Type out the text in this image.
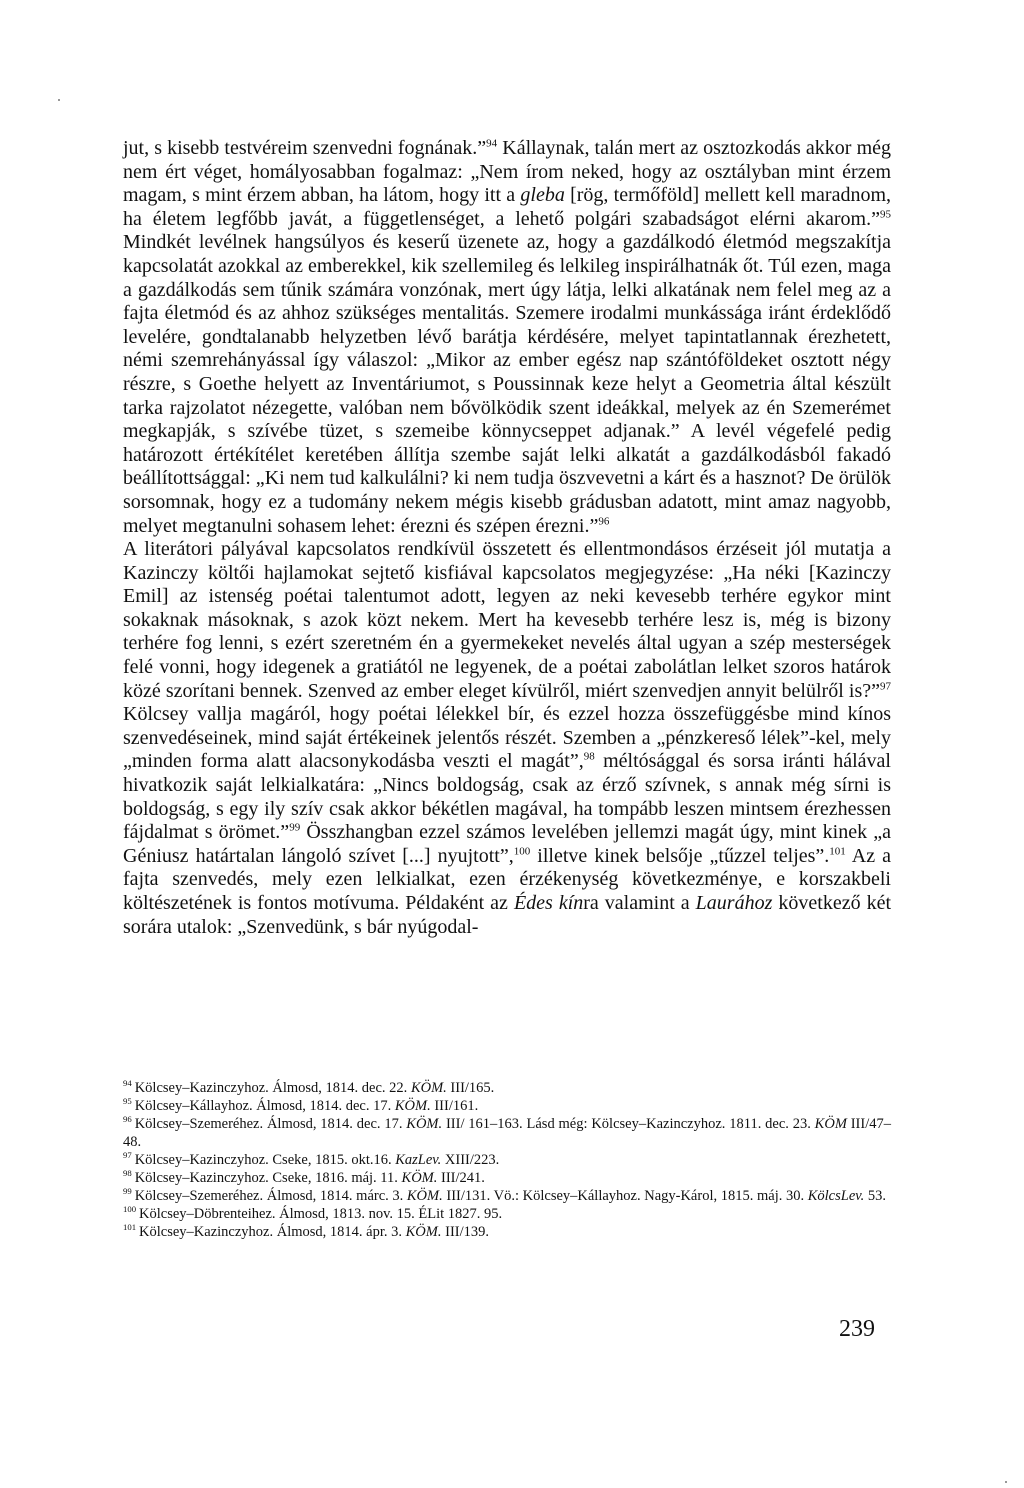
jut, s kisebb testvéreim szenvedni fognának.”$^{94}$ Kállaynak, talán mert az osztozkodás akkor még nem ért véget, homályosabban fogalmaz: „Nem írom neked, hogy az osztályban mint érzem magam, s mint érzem abban, ha látom, hogy itt a gleba [rög, termőföld] mellett kell maradnom, ha életem legfőbb javát, a függetlenséget, a lehető polgári szabadságot elérni akarom.”$^{95}$ Mindkét levélnek hangsúlyos és keserű üzenete az, hogy a gazdálkodó életmód megszakítja kapcsolatát azokkal az emberekkel, kik szellemileg és lelkileg inspirálhatnák őt. Túl ezen, maga a gazdálkodás sem tűnik számára vonzónak, mert úgy látja, lelki alkatának nem felel meg az a fajta életmód és az ahhoz szükséges mentalitás. Szemere irodalmi munkássága iránt érdeklődő levelére, gondtalanabb helyzetben lévő barátja kérdésére, melyet tapintatlannak érezhetett, némi szemrehányással így válaszol: „Mikor az ember egész nap szántóföldeket osztott négy részre, s Goethe helyett az Inventáriumot, s Poussinnak keze helyt a Geometria által készült tarka rajzolatot nézegette, valóban nem bővölködik szent ideákkal, melyek az én Szemerémet megkapják, s szívébe tüzet, s szemeibe könnycseppet adjanak.” A levél végefelé pedig határozott értékítélet keretében állítja szembe saját lelki alkatát a gazdálkodásból fakadó beállítottsággal: „Ki nem tud kalkulálni? ki nem tudja öszvevetni a kárt és a hasznot? De örülök sorsomnak, hogy ez a tudomány nekem mégis kisebb grádusban adatott, mint amaz nagyobb, melyet megtanulni sohasem lehet: érezni és szépen érezni.”$^{96}$

A literátori pályával kapcsolatos rendkívül összetett és ellentmondásos érzéseit jól mutatja a Kazinczy költői hajlamokat sejtető kisfiával kapcsolatos megjegyzése: „Ha néki [Kazinczy Emil] az istenség poétai talentumot adott, legyen az neki kevesebb terhére egykor mint sokaknak másoknak, s azok közt nekem. Mert ha kevesebb terhére lesz is, még is bizony terhére fog lenni, s ezért szeretném én a gyermekeket nevelés által ugyan a szép mesterségek felé vonni, hogy idegenek a gratiától ne legyenek, de a poétai zabolátlan lelket szoros határok közé szorítani bennek. Szenved az ember eleget kívülről, miért szenvedjen annyit belülről is?”$^{97}$ Kölcsey vallja magáról, hogy poétai lélekkel bír, és ezzel hozza összefüggésbe mind kínos szenvedéseinek, mind saját értékeinek jelentős részét. Szemben a „pénzkereső lélek”-kel, mely „minden forma alatt alacsonykodásba veszti el magát”,$^{98}$ méltósággal és sorsa iránti hálával hivatkozik saját lelkialkatára: „Nincs boldogság, csak az érző szívnek, s annak még sírni is boldogság, s egy ily szív csak akkor békétlen magával, ha tompább leszen mintsem érezhessen fájdalmat s örömet.”$^{99}$ Összhangban ezzel számos levelében jellemzi magát úgy, mint kinek „a Géniusz határtalan lángoló szívet [...] nyujtott”,$^{100}$ illetve kinek belsője „tűzzel teljes”.$^{101}$ Az a fajta szenvedés, mely ezen lelkialkat, ezen érzékenység következménye, e korszakbeli költészetének is fontos motívuma. Példaként az Édes kínra valamint a Laurához következő két sorára utalok: „Szenvedünk, s bár nyúgodal-

$^{94}$ Kölcsey–Kazinczyhoz. Álmosd, 1814. dec. 22. KÖM. III/165.

$^{95}$ Kölcsey–Kállayhoz. Álmosd, 1814. dec. 17. KÖM. III/161.

$^{96}$ Kölcsey–Szemeréhez. Álmosd, 1814. dec. 17. KÖM. III/ 161–163. Lásd még: Kölcsey–Kazinczyhoz. 1811. dec. 23. KÖM III/47–48.

$^{97}$ Kölcsey–Kazinczyhoz. Cseke, 1815. okt.16. KazLev. XIII/223.

$^{98}$ Kölcsey–Kazinczyhoz. Cseke, 1816. máj. 11. KÖM. III/241.

$^{99}$ Kölcsey–Szemeréhez. Álmosd, 1814. márc. 3. KÖM. III/131. Vö.: Kölcsey–Kállayhoz. Nagy-Károl, 1815. máj. 30. KölcsLev. 53.

$^{100}$ Kölcsey–Döbrenteihez. Álmosd, 1813. nov. 15. ÉLit 1827. 95.

$^{101}$ Kölcsey–Kazinczyhoz. Álmosd, 1814. ápr. 3. KÖM. III/139.

239
